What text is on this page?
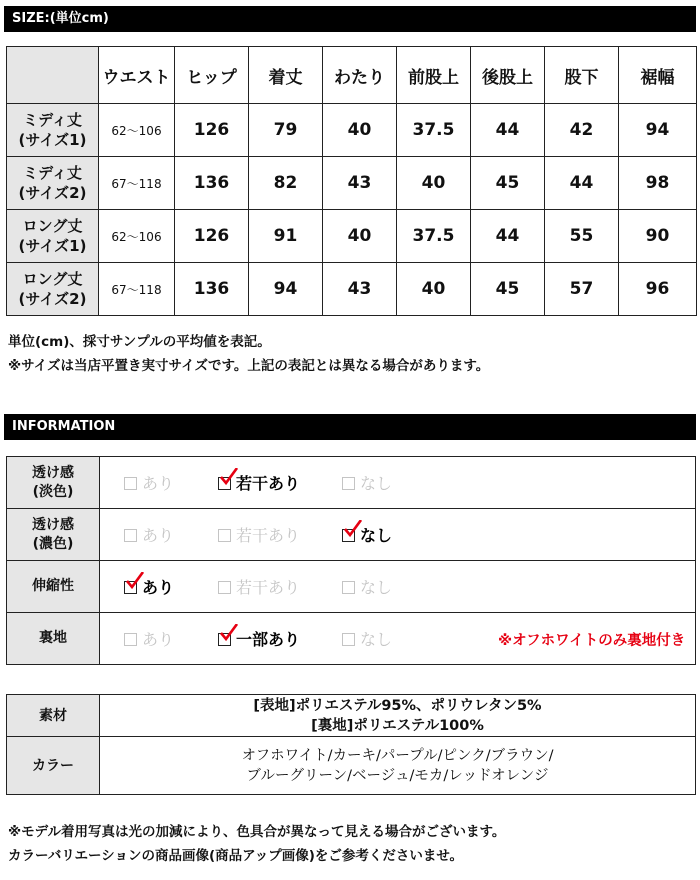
SIZE:(単位cm)
	ウエスト	ヒップ	着丈	わたり	前股上	後股上	股下	裾幅
ミディ丈
(サイズ1)	62〜106	126	79	40	37.5	44	42	94
ミディ丈
(サイズ2)	67〜118	136	82	43	40	45	44	98
ロング丈
(サイズ1)	62〜106	126	91	40	37.5	44	55	90
ロング丈
(サイズ2)	67〜118	136	94	43	40	45	57	96
単位(cm)、採寸サンプルの平均値を表記。
※サイズは当店平置き実寸サイズです。上記の表記とは異なる場合があります。
INFORMATION
透け感
(淡色)	あり 若干あり なし
透け感
(濃色)	あり 若干あり なし
伸縮性	あり 若干あり なし
裏地	あり 一部あり なし ※オフホワイトのみ裏地付き
素材	[表地]ポリエステル95%、ポリウレタン5%
[裏地]ポリエステル100%
カラー	オフホワイト/カーキ/パープル/ピンク/ブラウン/
ブルーグリーン/ベージュ/モカ/レッドオレンジ
※モデル着用写真は光の加減により、色具合が異なって見える場合がございます。
カラーバリエーションの商品画像(商品アップ画像)をご参考くださいませ。
